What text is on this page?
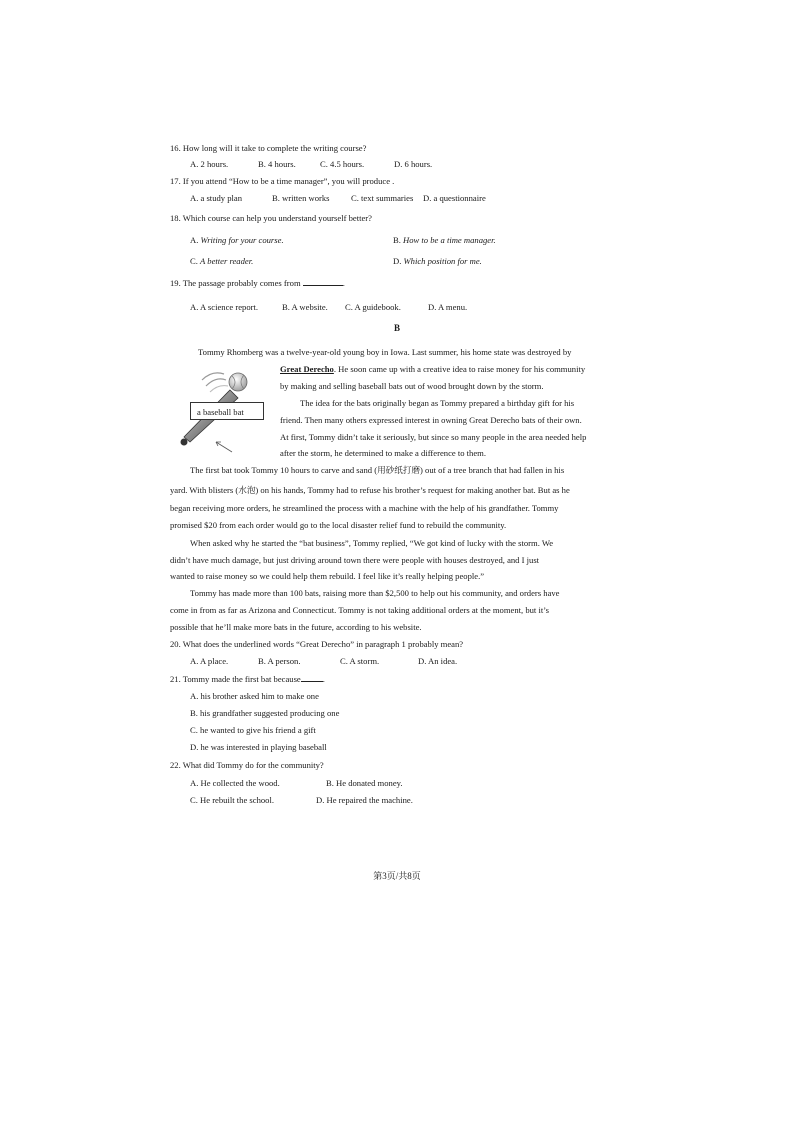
16. How long will it take to complete the writing course?
A. 2 hours.	B. 4 hours.	C. 4.5 hours.	D. 6 hours.
17. If you attend “How to be a time manager”, you will produce .
A. a study plan	B. written works C. text summaries D. a questionnaire
18. Which course can help you understand yourself better?
A. Writing for your course.	B. How to be a time manager.
C. A better reader.	D. Which position for me.
19. The passage probably comes from	.
A. A science report.	B. A website. C. A guidebook.	D. A menu.
B
Tommy Rhomberg was a twelve-year-old young boy in Iowa. Last summer, his home state was destroyed by
a baseball bat
Great Derecho. He soon came up with a creative idea to raise money for his community
by making and selling baseball bats out of wood brought down by the storm.
The idea for the bats originally began as Tommy prepared a birthday gift for his
friend. Then many others expressed interest in owning Great Derecho bats of their own.
At first, Tommy didn’t take it seriously, but since so many people in the area needed help
after the storm, he determined to make a difference to them.
The first bat took Tommy 10 hours to carve and sand (用砂纸打磨) out of a tree branch that had fallen in his
yard. With blisters (水泡) on his hands, Tommy had to refuse his brother’s request for making another bat. But as he
began receiving more orders, he streamlined the process with a machine with the help of his grandfather. Tommy
promised $20 from each order would go to the local disaster relief fund to rebuild the community.
When asked why he started the “bat business”, Tommy replied, “We got kind of lucky with the storm. We
didn’t have much damage, but just driving around town there were people with houses destroyed, and I just
wanted to raise money so we could help them rebuild. I feel like it’s really helping people.”
Tommy has made more than 100 bats, raising more than $2,500 to help out his community, and orders have
come in from as far as Arizona and Connecticut. Tommy is not taking additional orders at the moment, but it’s
possible that he’ll make more bats in the future, according to his website.
20. What does the underlined words “Great Derecho” in paragraph 1 probably mean?
A. A place.	B. A person.	C. A storm.	D. An idea.
21. Tommy made the first bat because	.
A. his brother asked him to make one
B. his grandfather suggested producing one
C. he wanted to give his friend a gift
D. he was interested in playing baseball
22. What did Tommy do for the community?
A. He collected the wood.	B. He donated money.
C. He rebuilt the school.	D. He repaired the machine.
第3页/共8页
